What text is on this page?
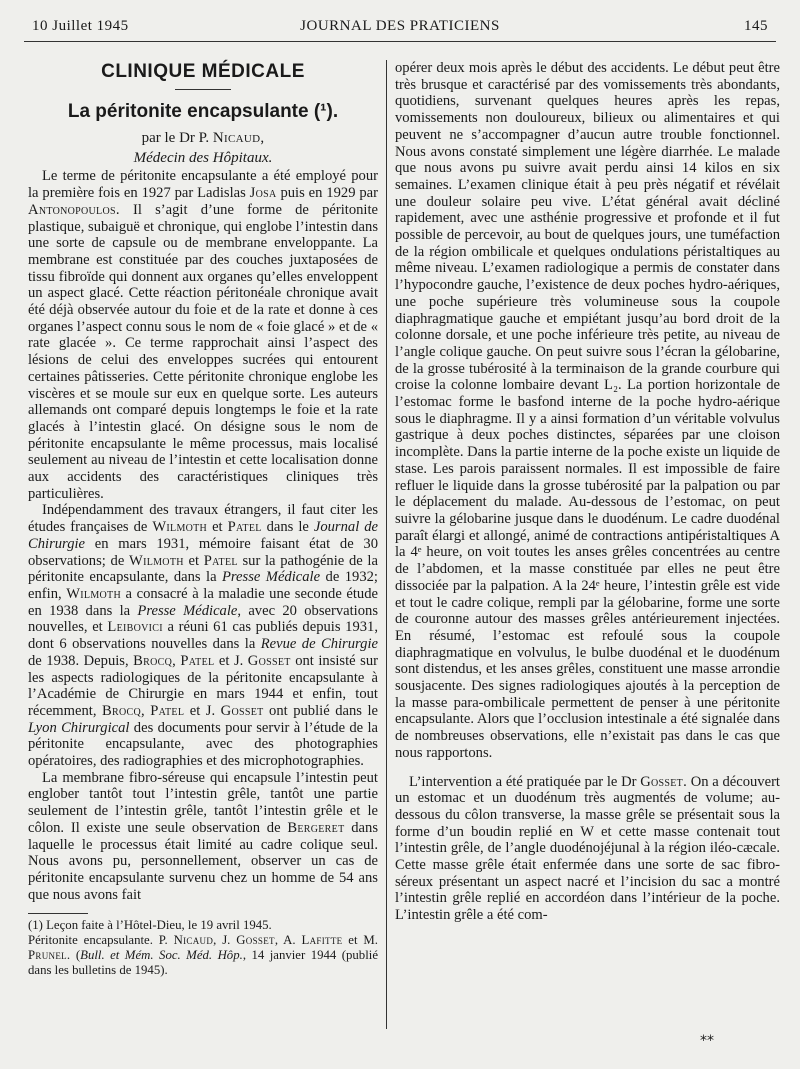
10 Juillet 1945	JOURNAL DES PRATICIENS	145
CLINIQUE MÉDICALE
La péritonite encapsulante (¹).

par le Dr P. Nicaud,

Médecin des Hôpitaux.

Le terme de péritonite encapsulante a été employé pour la première fois en 1927 par Ladislas Josa puis en 1929 par Antonopoulos. Il s’agit d’une forme de péritonite plastique, subaiguë et chronique, qui englobe l’intestin dans une sorte de capsule ou de membrane enveloppante. La membrane est constituée par des couches juxtaposées de tissu fibroïde qui donnent aux organes qu’elles enveloppent un aspect glacé. Cette réaction péritonéale chronique avait été déjà observée autour du foie et de la rate et donne à ces organes l’aspect connu sous le nom de « foie glacé » et de « rate glacée ». Ce terme rapprochait ainsi l’aspect des lésions de celui des enveloppes sucrées qui entourent certaines pâtisseries. Cette péritonite chronique englobe les viscères et se moule sur eux en quelque sorte. Les auteurs allemands ont comparé depuis longtemps le foie et la rate glacés à l’intestin glacé. On désigne sous le nom de péritonite encapsulante le même processus, mais localisé seulement au niveau de l’intestin et cette localisation donne aux accidents des caractéristiques cliniques très particulières.

Indépendamment des travaux étrangers, il faut citer les études françaises de Wilmoth et Patel dans le Journal de Chirurgie en mars 1931, mémoire faisant état de 30 observations; de Wilmoth et Patel sur la pathogénie de la péritonite encapsulante, dans la Presse Médicale de 1932; enfin, Wilmoth a consacré à la maladie une seconde étude en 1938 dans la Presse Médicale, avec 20 observations nouvelles, et Leibovici a réuni 61 cas publiés depuis 1931, dont 6 observations nouvelles dans la Revue de Chirurgie de 1938. Depuis, Brocq, Patel et J. Gosset ont insisté sur les aspects radiologiques de la péritonite encapsulante à l’Académie de Chirurgie en mars 1944 et enfin, tout récemment, Brocq, Patel et J. Gosset ont publié dans le Lyon Chirurgical des documents pour servir à l’étude de la péritonite encapsulante, avec des photographies opératoires, des radiographies et des microphotographies.

La membrane fibro-séreuse qui encapsule l’intestin peut englober tantôt tout l’intestin grêle, tantôt une partie seulement de l’intestin grêle, tantôt l’intestin grêle et le côlon. Il existe une seule observation de Bergeret dans laquelle le processus était limité au cadre colique seul. Nous avons pu, personnellement, observer un cas de péritonite encapsulante survenu chez un homme de 54 ans que nous avons fait

(1) Leçon faite à l’Hôtel-Dieu, le 19 avril 1945.

Péritonite encapsulante. P. Nicaud, J. Gosset, A. Lafitte et M. Prunel. (Bull. et Mém. Soc. Méd. Hôp., 14 janvier 1944 (publié dans les bulletins de 1945).

opérer deux mois après le début des accidents. Le début peut être très brusque et caractérisé par des vomissements très abondants, quotidiens, survenant quelques heures après les repas, vomissements non douloureux, bilieux ou alimentaires et qui peuvent ne s’accompagner d’aucun autre trouble fonctionnel. Nous avons constaté simplement une légère diarrhée. Le malade que nous avons pu suivre avait perdu ainsi 14 kilos en six semaines. L’examen clinique était à peu près négatif et révélait une douleur solaire peu vive. L’état général avait décliné rapidement, avec une asthénie progressive et profonde et il fut possible de percevoir, au bout de quelques jours, une tuméfaction de la région ombilicale et quelques ondulations péristaltiques au même niveau. L’examen radiologique a permis de constater dans l’hypocondre gauche, l’existence de deux poches hydro-aériques, une poche supérieure très volumineuse sous la coupole diaphragmatique gauche et empiétant jusqu’au bord droit de la colonne dorsale, et une poche inférieure très petite, au niveau de l’angle colique gauche. On peut suivre sous l’écran la gélobarine, de la grosse tubérosité à la terminaison de la grande courbure qui croise la colonne lombaire devant L₂. La portion horizontale de l’estomac forme le basfond interne de la poche hydro-aérique sous le diaphragme. Il y a ainsi formation d’un véritable volvulus gastrique à deux poches distinctes, séparées par une cloison incomplète. Dans la partie interne de la poche existe un liquide de stase. Les parois paraissent normales. Il est impossible de faire refluer le liquide dans la grosse tubérosité par la palpation ou par le déplacement du malade. Au-dessous de l’estomac, on peut suivre la gélobarine jusque dans le duodénum. Le cadre duodénal paraît élargi et allongé, animé de contractions antipéristaltiques A la 4ᵉ heure, on voit toutes les anses grêles concentrées au centre de l’abdomen, et la masse constituée par elles ne peut être dissociée par la palpation. A la 24ᵉ heure, l’intestin grêle est vide et tout le cadre colique, rempli par la gélobarine, forme une sorte de couronne autour des masses grêles antérieurement injectées. En résumé, l’estomac est refoulé sous la coupole diaphragmatique en volvulus, le bulbe duodénal et le duodénum sont distendus, et les anses grêles, constituent une masse arrondie sousjacente. Des signes radiologiques ajoutés à la perception de la masse para-ombilicale permettent de penser à une péritonite encapsulante. Alors que l’occlusion intestinale a été signalée dans de nombreuses observations, elle n’existait pas dans le cas que nous rapportons.

L’intervention a été pratiquée par le Dr Gosset. On a découvert un estomac et un duodénum très augmentés de volume; au-dessous du côlon transverse, la masse grêle se présentait sous la forme d’un boudin replié en W et cette masse contenait tout l’intestin grêle, de l’angle duodénojéjunal à la région iléo-cæcale. Cette masse grêle était enfermée dans une sorte de sac fibro-séreux présentant un aspect nacré et l’incision du sac a montré l’intestin grêle replié en accordéon dans l’intérieur de la poche. L’intestin grêle a été com-

**
